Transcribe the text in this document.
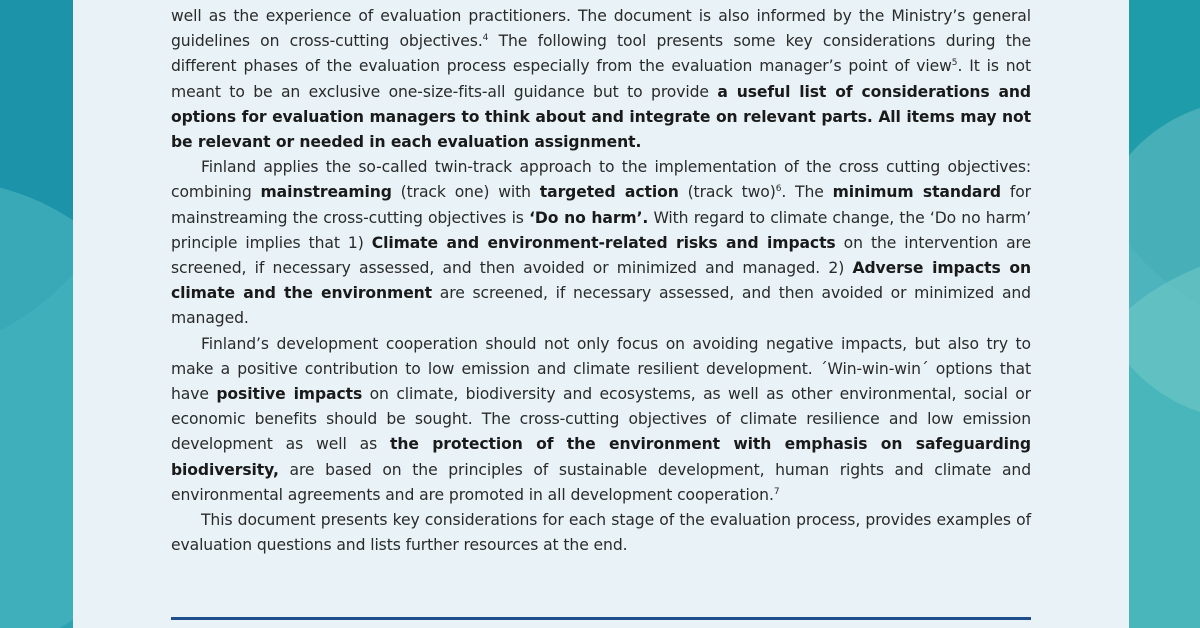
well as the experience of evaluation practitioners. The document is also informed by the Ministry’s general guidelines on cross-cutting objectives.$^4$ The following tool presents some key considerations during the different phases of the evaluation process especially from the evaluation manager’s point of view$^5$. It is not meant to be an exclusive one-size-fits-all guidance but to provide a useful list of considerations and options for evaluation managers to think about and integrate on relevant parts. All items may not be relevant or needed in each evaluation assignment.

Finland applies the so-called twin-track approach to the implementation of the cross cutting objectives: combining mainstreaming (track one) with targeted action (track two)$^6$. The minimum standard for mainstreaming the cross-cutting objectives is ‘Do no harm’. With regard to climate change, the ‘Do no harm’ principle implies that 1) Climate and environment-related risks and impacts on the intervention are screened, if necessary assessed, and then avoided or minimized and managed. 2) Adverse impacts on climate and the environment are screened, if necessary assessed, and then avoided or minimized and managed.

Finland’s development cooperation should not only focus on avoiding negative impacts, but also try to make a positive contribution to low emission and climate resilient development. ´Win-win-win´ options that have positive impacts on climate, biodiversity and ecosystems, as well as other environmental, social or economic benefits should be sought. The cross-cutting objectives of climate resilience and low emission development as well as the protection of the environment with emphasis on safeguarding biodiversity, are based on the principles of sustainable development, human rights and climate and environmental agreements and are promoted in all development cooperation.$^7$

This document presents key considerations for each stage of the evaluation process, provides examples of evaluation questions and lists further resources at the end.
